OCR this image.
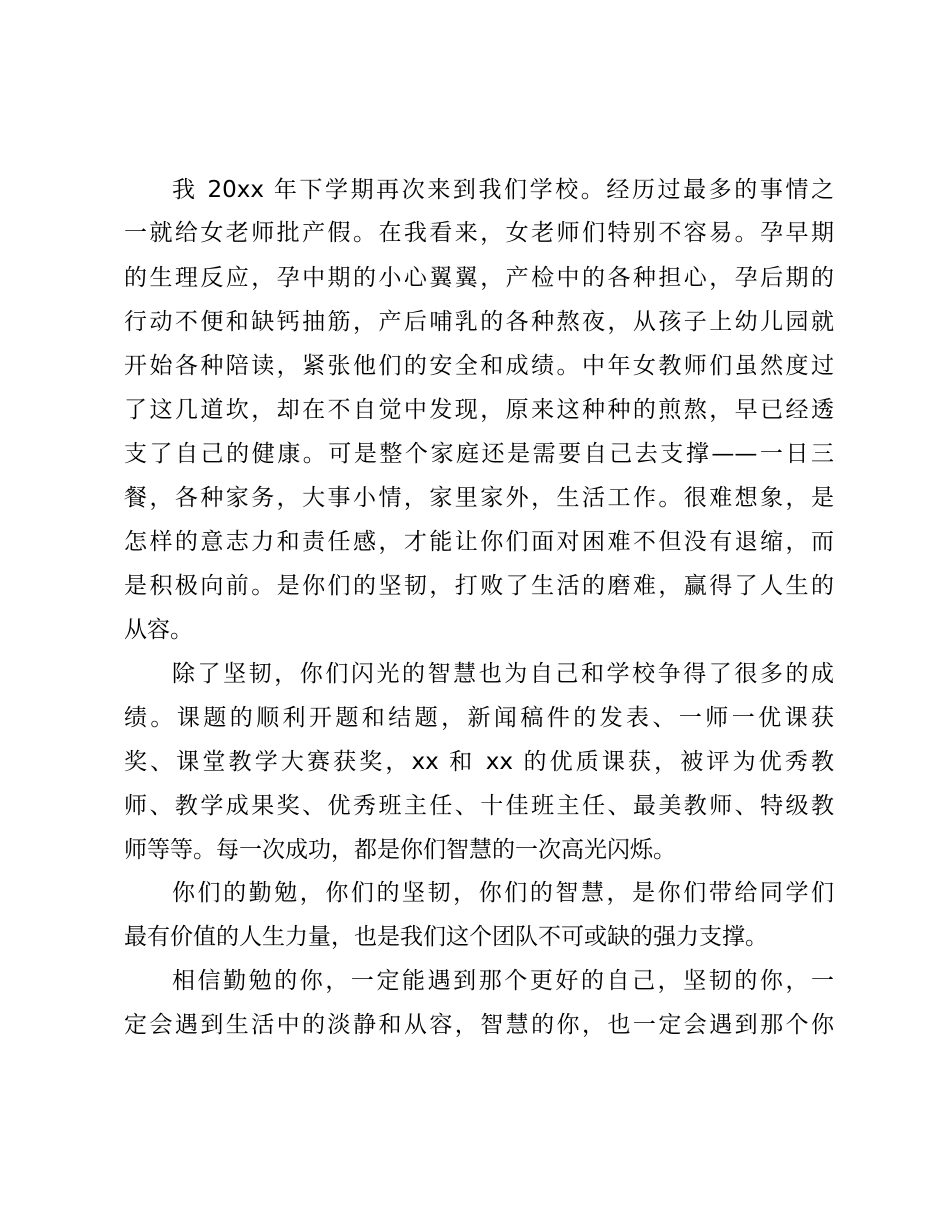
我 20xx 年下学期再次来到我们学校。经历过最多的事情之
一就给女老师批产假。在我看来，女老师们特别不容易。孕早期
的生理反应，孕中期的小心翼翼，产检中的各种担心，孕后期的
行动不便和缺钙抽筋，产后哺乳的各种熬夜，从孩子上幼儿园就
开始各种陪读，紧张他们的安全和成绩。中年女教师们虽然度过
了这几道坎，却在不自觉中发现，原来这种种的煎熬，早已经透
支了自己的健康。可是整个家庭还是需要自己去支撑——一日三
餐，各种家务，大事小情，家里家外，生活工作。很难想象，是
怎样的意志力和责任感，才能让你们面对困难不但没有退缩，而
是积极向前。是你们的坚韧，打败了生活的磨难，赢得了人生的
从容。
除了坚韧，你们闪光的智慧也为自己和学校争得了很多的成
绩。课题的顺利开题和结题，新闻稿件的发表、一师一优课获
奖、课堂教学大赛获奖，xx 和 xx 的优质课获，被评为优秀教
师、教学成果奖、优秀班主任、十佳班主任、最美教师、特级教
师等等。每一次成功，都是你们智慧的一次高光闪烁。
你们的勤勉，你们的坚韧，你们的智慧，是你们带给同学们
最有价值的人生力量，也是我们这个团队不可或缺的强力支撑。
相信勤勉的你，一定能遇到那个更好的自己，坚韧的你，一
定会遇到生活中的淡静和从容，智慧的你，也一定会遇到那个你
